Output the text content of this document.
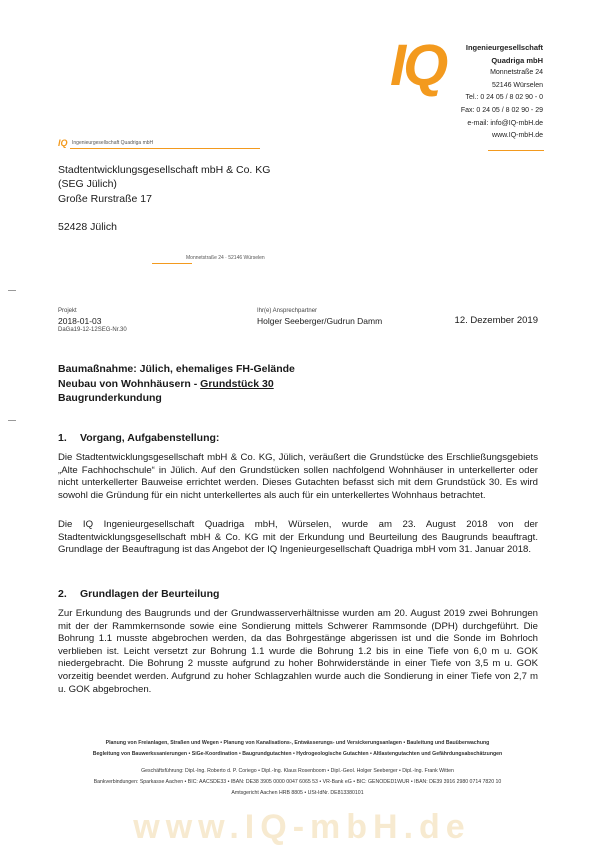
IQ	Ingenieurgesellschaft
Quadriga mbH
Monnetstraße 24
52146 Würselen
Tel.: 0 24 05 / 8 02 90 - 0
Fax: 0 24 05 / 8 02 90 - 29
e-mail: info@IQ-mbH.de
www.IQ-mbH.de
IQ Ingenieurgesellschaft Quadriga mbH
Stadtentwicklungsgesellschaft mbH & Co. KG
(SEG Jülich)
Große Rurstraße 17
52428 Jülich
Monnetstraße 24 · 52146 Würselen
Projekt
2018-01-03
DaGa19-12-12SEG-Nr.30
Ihr(e) Ansprechpartner
Holger Seeberger/Gudrun Damm	12. Dezember 2019
Baumaßnahme: Jülich, ehemaliges FH-Gelände
Neubau von Wohnhäusern - Grundstück 30
Baugrunderkundung
1. Vorgang, Aufgabenstellung:
Die Stadtentwicklungsgesellschaft mbH & Co. KG, Jülich, veräußert die Grundstücke des Erschließungsgebiets „Alte Fachhochschule“ in Jülich. Auf den Grundstücken sollen nachfolgend Wohnhäuser in unterkellerter oder nicht unterkellerter Bauweise errichtet werden. Dieses Gutachten befasst sich mit dem Grundstück 30. Es wird sowohl die Gründung für ein nicht unterkellertes als auch für ein unterkellertes Wohnhaus betrachtet.
Die IQ Ingenieurgesellschaft Quadriga mbH, Würselen, wurde am 23. August 2018 von der Stadtentwicklungsgesellschaft mbH & Co. KG mit der Erkundung und Beurteilung des Baugrunds beauftragt. Grundlage der Beauftragung ist das Angebot der IQ Ingenieurgesellschaft Quadriga mbH vom 31. Januar 2018.
2. Grundlagen der Beurteilung
Zur Erkundung des Baugrunds und der Grundwasserverhältnisse wurden am 20. August 2019 zwei Bohrungen mit der der Rammkernsonde sowie eine Sondierung mittels Schwerer Rammsonde (DPH) durchgeführt. Die Bohrung 1.1 musste abgebrochen werden, da das Bohrgestänge abgerissen ist und die Sonde im Bohrloch verblieben ist. Leicht versetzt zur Bohrung 1.1 wurde die Bohrung 1.2 bis in eine Tiefe von 6,0 m u. GOK niedergebracht. Die Bohrung 2 musste aufgrund zu hoher Bohrwiderstände in einer Tiefe von 3,5 m u. GOK vorzeitig beendet werden. Aufgrund zu hoher Schlagzahlen wurde auch die Sondierung in einer Tiefe von 2,7 m u. GOK abgebrochen.
Planung von Freianlagen, Straßen und Wegen • Planung von Kanalisations-, Entwässerungs- und Versickerungsanlagen • Bauleitung und Bauüberwachung
Begleitung von Bauwerkssanierungen • SiGe-Koordination • Baugrundgutachten • Hydrogeologische Gutachten • Altlastengutachten und Gefährdungsabschätzungen
Geschäftsführung: Dipl.-Ing. Roberto d. P. Coriego • Dipl.-Ing. Klaus Rosenboom • Dipl.-Geol. Holger Seeberger • Dipl.-Ing. Frank Witten
Bankverbindungen: Sparkasse Aachen • BIC: AACSDE33 • IBAN: DE38 3905 0000 0047 6065 53 • VR-Bank eG • BIC: GENODED1WUR • IBAN: DE39 3916 2980 0714 7820 10
Amtsgericht Aachen HRB 8805 • USt-IdNr. DE813380101
www.IQ-mbH.de
